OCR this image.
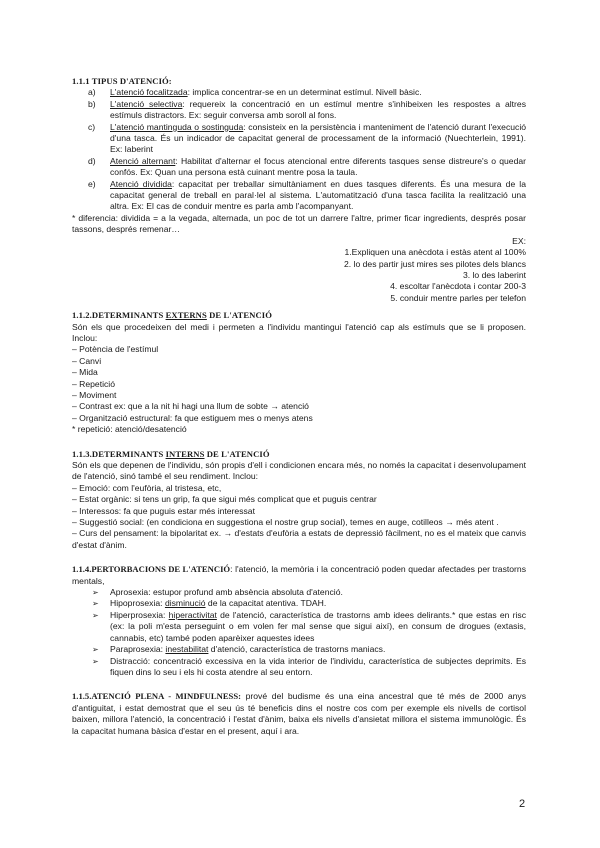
1.1.1 TIPUS D'ATENCIÓ:
a) L'atenció focalitzada: implica concentrar-se en un determinat estímul. Nivell bàsic.
b) L'atenció selectiva: requereix la concentració en un estímul mentre s'inhibeixen les respostes a altres estímuls distractors. Ex: seguir conversa amb soroll al fons.
c) L'atenció mantinguda o sostinguda: consisteix en la persistència i manteniment de l'atenció durant l'execució d'una tasca. És un indicador de capacitat general de processament de la informació (Nuechterlein, 1991). Ex: laberint
d) Atenció alternant: Habilitat d'alternar el focus atencional entre diferents tasques sense distreure's o quedar confós. Ex: Quan una persona està cuinant mentre posa la taula.
e) Atenció dividida: capacitat per treballar simultàniament en dues tasques diferents. És una mesura de la capacitat general de treball en paral·lel al sistema. L'automatització d'una tasca facilita la realització una altra. Ex: El cas de conduir mentre es parla amb l'acompanyant.

* diferencia: dividida = a la vegada, alternada, un poc de tot un darrere l'altre, primer ficar ingredients, després posar tassons, després remenar…

EX:
1.Expliquen una anècdota i estàs atent al 100%
2. lo des partir just mires ses pilotes dels blancs
3. lo des laberint
4. escoltar l'anècdota i contar 200-3
5. conduir mentre parles per telefon
1.1.2.DETERMINANTS EXTERNS DE L'ATENCIÓ

Són els que procedeixen del medi i permeten a l'individu mantingui l'atenció cap als estímuls que se li proposen. Inclou:

– Potència de l'estímul
– Canvi
– Mida
– Repetició
– Moviment
– Contrast ex: que a la nit hi hagi una llum de sobte → atenció
– Organització estructural: fa que estiguem mes o menys atens

* repetició: atenció/desatenció

1.1.3.DETERMINANTS INTERNS DE L'ATENCIÓ

Són els que depenen de l'individu, són propis d'ell i condicionen encara més, no només la capacitat i desenvolupament de l'atenció, sinó també el seu rendiment. Inclou:

– Emoció: com l'eufòria, al tristesa, etc,
– Estat orgànic: si tens un grip, fa que sigui més complicat que et puguis centrar
– Interessos: fa que puguis estar més interessat
– Suggestió social: (en condiciona en suggestiona el nostre grup social), temes en auge, cotilleos → més atent .
– Curs del pensament: la bipolaritat ex. → d'estats d'eufòria a estats de depressió fàcilment, no es el mateix que canvis d'estat d'ànim.

1.1.4.PERTORBACIONS DE L'ATENCIÓ: l'atenció, la memòria i la concentració poden quedar afectades per trastorns mentals,

➢ Aprosexia: estupor profund amb absència absoluta d'atenció.
➢ Hipoprosexia: disminució de la capacitat atentiva. TDAH.
➢ Hiperprosexia: hiperactivitat de l'atenció, característica de trastorns amb idees delirants.* que estas en risc (ex: la poli m'esta perseguint o em volen fer mal sense que sigui així), en consum de drogues (extasis, cannabis, etc) també poden aparèixer aquestes idees
➢ Paraprosexia: inestabilitat d'atenció, característica de trastorns maniacs.
➢ Distracció: concentració excessiva en la vida interior de l'individu, característica de subjectes deprimits. Es fiquen dins lo seu i els hi costa atendre al seu entorn.

1.1.5.ATENCIÓ PLENA - MINDFULNESS: prové del budisme és una eina ancestral que té més de 2000 anys d'antiguitat, i estat demostrat que el seu ús té beneficis dins el nostre cos com per exemple els nivells de cortisol baixen, millora l'atenció, la concentració i l'estat d'ànim, baixa els nivells d'ansietat millora el sistema immunològic. És la capacitat humana bàsica d'estar en el present, aquí i ara.

2
